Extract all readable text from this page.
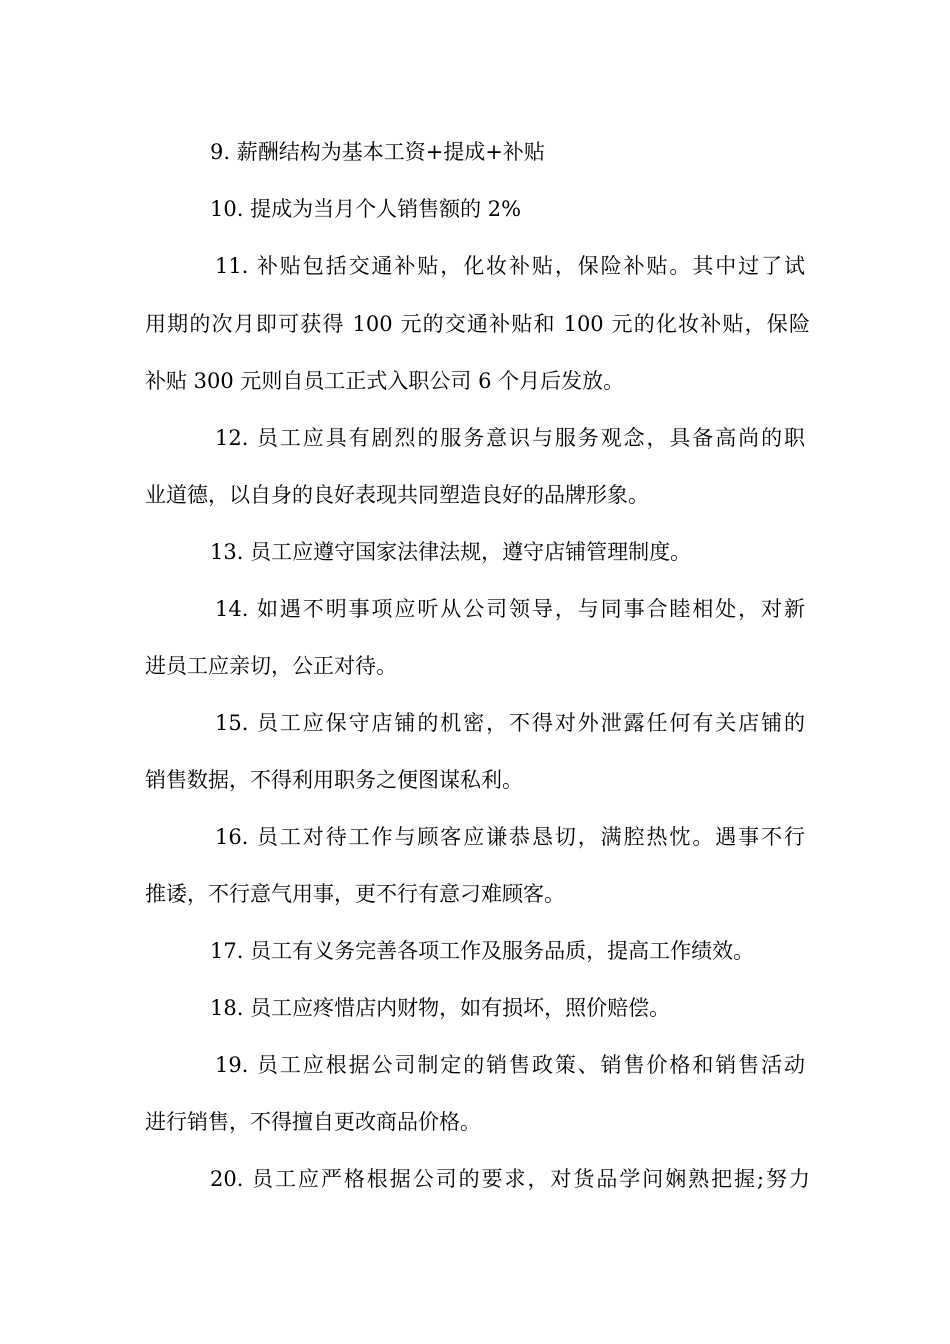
9. 薪酬结构为基本工资+提成+补贴
10. 提成为当月个人销售额的 2%
11. 补贴包括交通补贴，化妆补贴，保险补贴。其中过了试
用期的次月即可获得 100 元的交通补贴和 100 元的化妆补贴，保险
补贴 300 元则自员工正式入职公司 6 个月后发放。
12. 员工应具有剧烈的服务意识与服务观念，具备高尚的职
业道德，以自身的良好表现共同塑造良好的品牌形象。
13. 员工应遵守国家法律法规，遵守店铺管理制度。
14. 如遇不明事项应听从公司领导，与同事合睦相处，对新
进员工应亲切，公正对待。
15. 员工应保守店铺的机密，不得对外泄露任何有关店铺的
销售数据，不得利用职务之便图谋私利。
16. 员工对待工作与顾客应谦恭恳切，满腔热忱。遇事不行
推诿，不行意气用事，更不行有意刁难顾客。
17. 员工有义务完善各项工作及服务品质，提高工作绩效。
18. 员工应疼惜店内财物，如有损坏，照价赔偿。
19. 员工应根据公司制定的销售政策、销售价格和销售活动
进行销售，不得擅自更改商品价格。
20. 员工应严格根据公司的要求，对货品学问娴熟把握;努力
